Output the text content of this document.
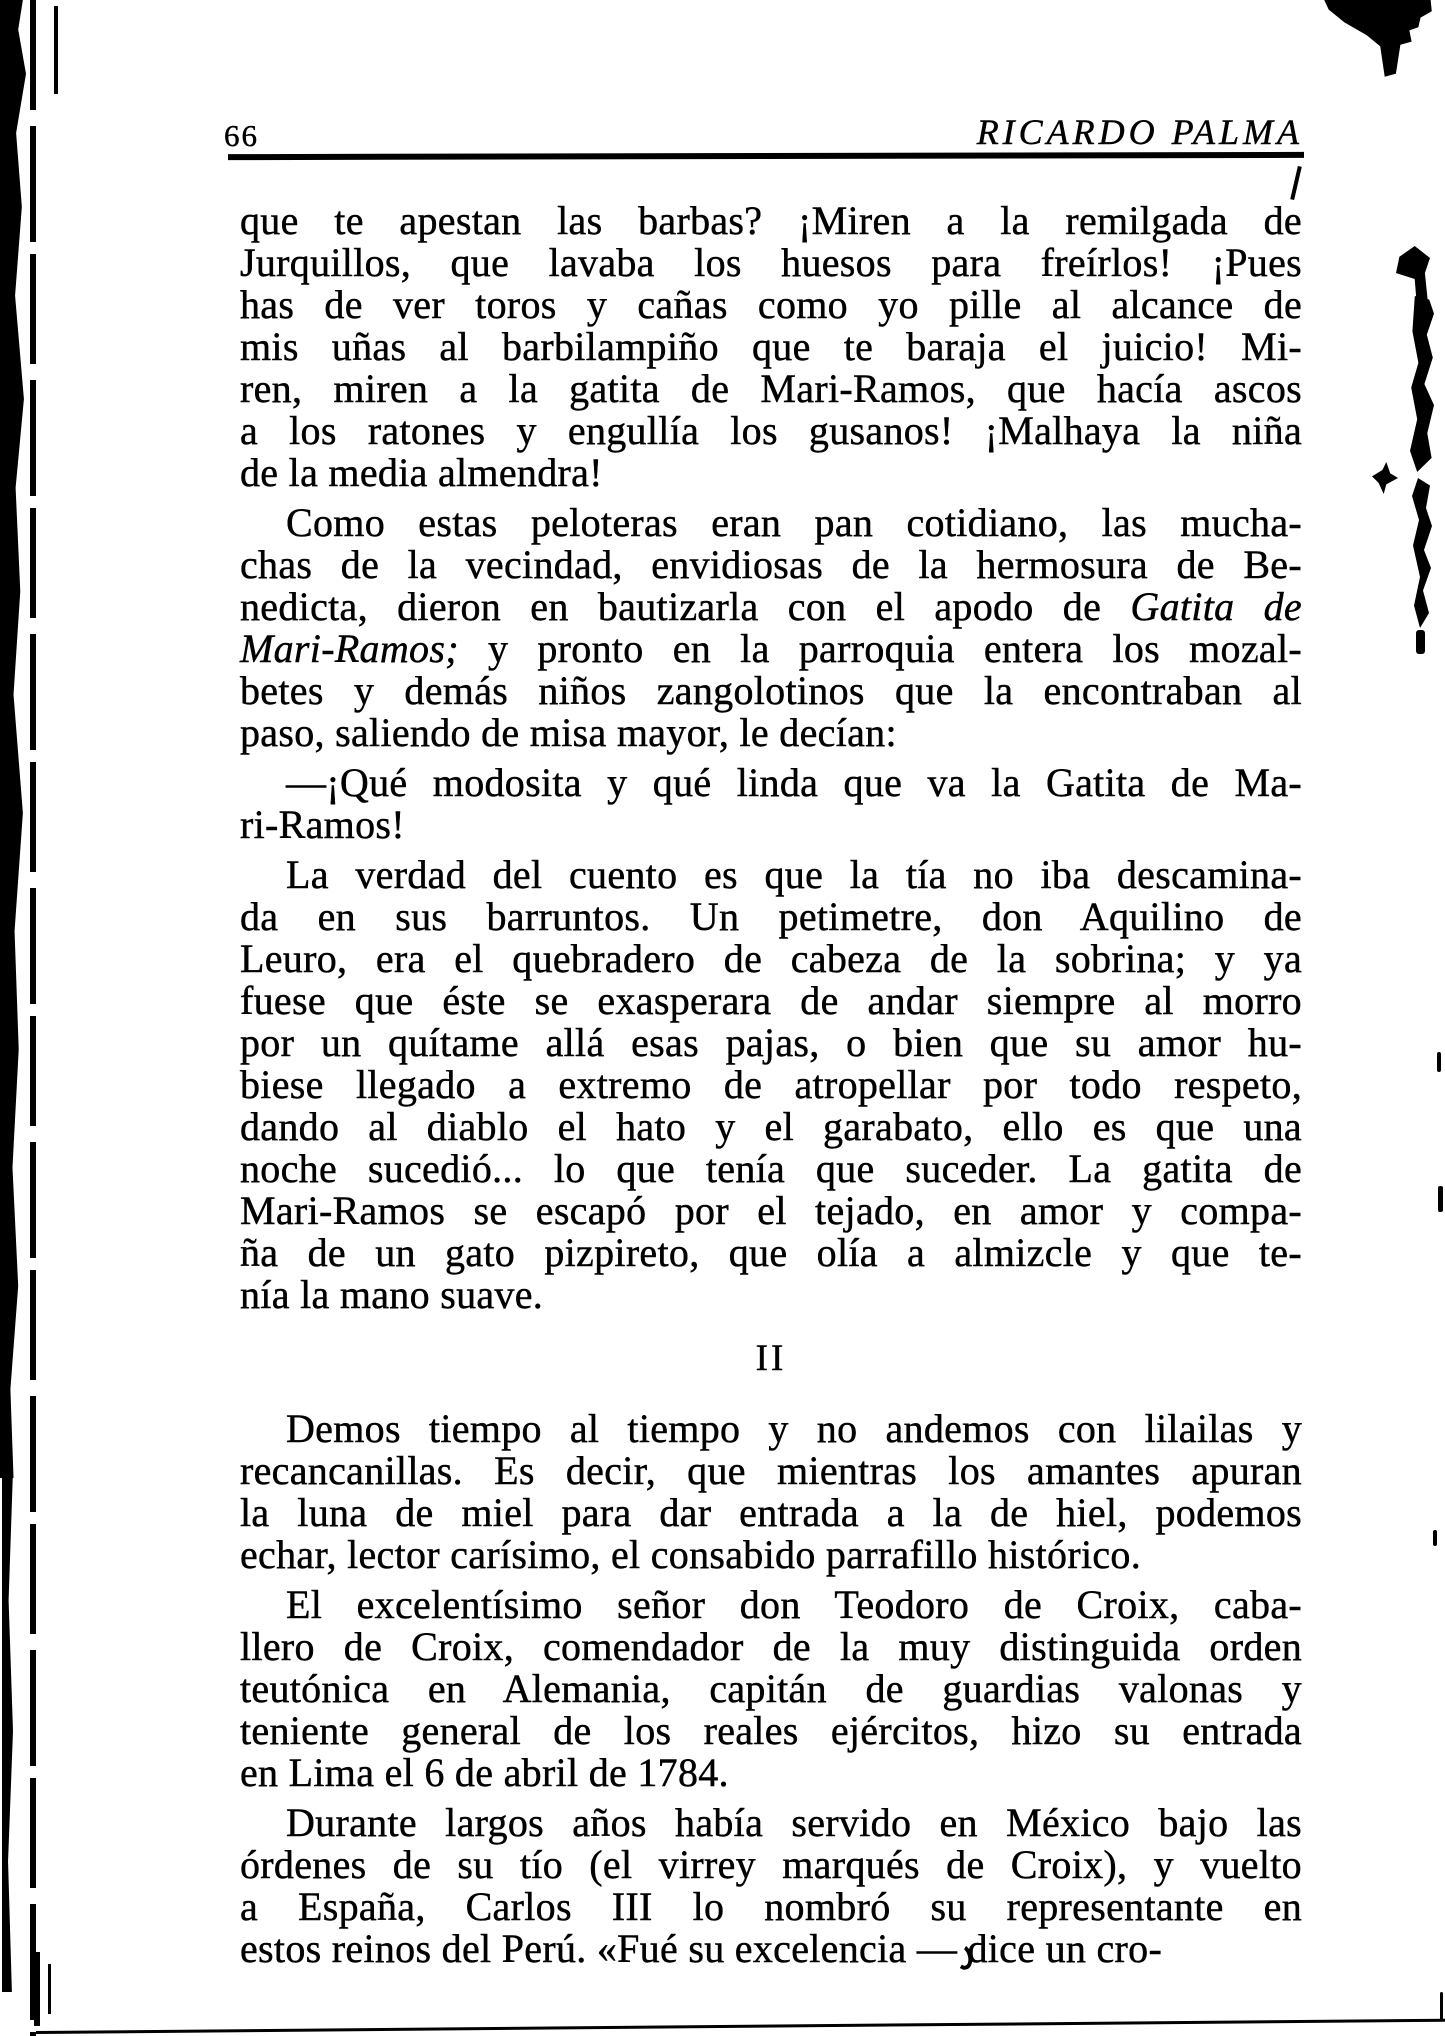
66	RICARDO PALMA
que te apestan las barbas? ¡Miren a la remilgada de
Jurquillos, que lavaba los huesos para freírlos! ¡Pues
has de ver toros y cañas como yo pille al alcance de
mis uñas al barbilampiño que te baraja el juicio! Mi-
ren, miren a la gatita de Mari-Ramos, que hacía ascos
a los ratones y engullía los gusanos! ¡Malhaya la niña
de la media almendra!
Como estas peloteras eran pan cotidiano, las mucha-
chas de la vecindad, envidiosas de la hermosura de Be-
nedicta, dieron en bautizarla con el apodo de Gatita de
Mari-Ramos; y pronto en la parroquia entera los mozal-
betes y demás niños zangolotinos que la encontraban al
paso, saliendo de misa mayor, le decían:
—¡Qué modosita y qué linda que va la Gatita de Ma-
ri-Ramos!
La verdad del cuento es que la tía no iba descamina-
da en sus barruntos. Un petimetre, don Aquilino de
Leuro, era el quebradero de cabeza de la sobrina; y ya
fuese que éste se exasperara de andar siempre al morro
por un quítame allá esas pajas, o bien que su amor hu-
biese llegado a extremo de atropellar por todo respeto,
dando al diablo el hato y el garabato, ello es que una
noche sucedió... lo que tenía que suceder. La gatita de
Mari-Ramos se escapó por el tejado, en amor y compa-
ña de un gato pizpireto, que olía a almizcle y que te-
nía la mano suave.
II
Demos tiempo al tiempo y no andemos con lilailas y
recancanillas. Es decir, que mientras los amantes apuran
la luna de miel para dar entrada a la de hiel, podemos
echar, lector carísimo, el consabido parrafillo histórico.
El excelentísimo señor don Teodoro de Croix, caba-
llero de Croix, comendador de la muy distinguida orden
teutónica en Alemania, capitán de guardias valonas y
teniente general de los reales ejércitos, hizo su entrada
en Lima el 6 de abril de 1784.
Durante largos años había servido en México bajo las
órdenes de su tío (el virrey marqués de Croix), y vuelto
a España, Carlos III lo nombró su representante en
estos reinos del Perú. «Fué su excelencia — dice un cro-
